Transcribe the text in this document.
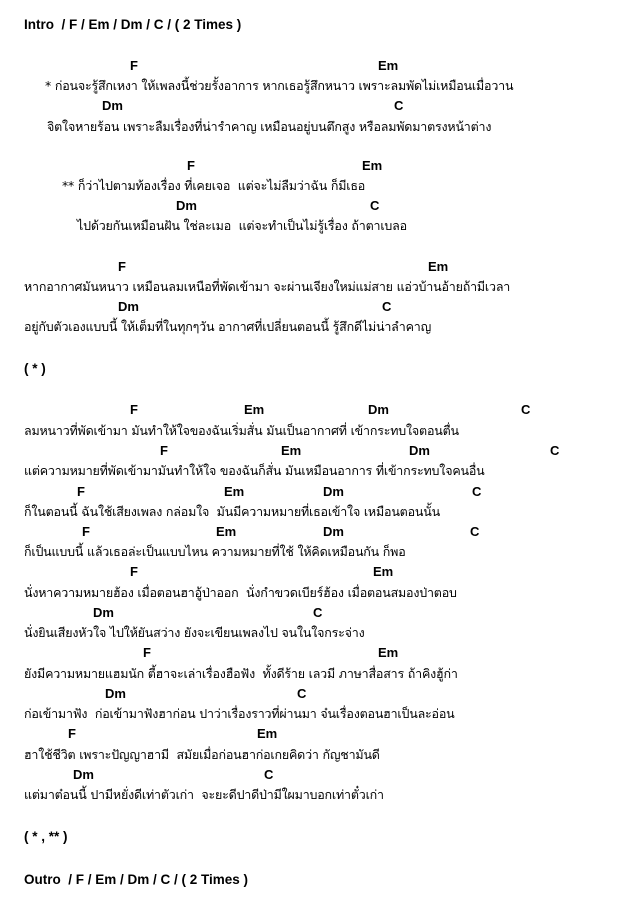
Intro  / F / Em / Dm / C / ( 2 Times )
F	Em
* ก่อนจะรู้สึกเหงา ให้เพลงนี้ช่วยรั้งอาการ หากเธอรู้สึกหนาว เพราะลมพัดไม่เหมือนเมื่อวาน
Dm	C
จิตใจหายร้อน เพราะลืมเรื่องที่น่ารำคาญ เหมือนอยู่บนตึกสูง หรือลมพัดมาตรงหน้าต่าง
F	Em
** ก็ว่าไปตามท้องเรื่อง ที่เคยเจอ  แต่จะไม่ลืมว่าฉัน ก็มีเธอ
Dm	C
ไปด้วยกันเหมือนฝัน ใช่ละเมอ  แต่จะทำเป็นไม่รู้เรื่อง ถ้าตาเบลอ
F	Em
หากอากาศมันหนาว เหมือนลมเหนือที่พัดเข้ามา จะผ่านเจียงใหม่แม่สาย แอ่วบ้านอ้ายถ้ามีเวลา
Dm	C
อยู่กับตัวเองแบบนี้ ให้เต็มที่ในทุกๆวัน อากาศที่เปลี่ยนตอนนี้ รู้สึกดีไม่น่าลำคาญ
( * )
F	Em	Dm	C
ลมหนาวที่พัดเข้ามา มันทำให้ใจของฉันเริ่มสั่น มันเป็นอากาศที่ เข้ากระทบใจตอนตื่น
F	Em	Dm	C
แต่ความหมายที่พัดเข้ามามันทำให้ใจ ของฉันก็สั่น มันเหมือนอาการ ที่เข้ากระทบใจคนอื่น
F	Em	Dm	C
ก็ในตอนนี้ ฉันใช้เสียงเพลง กล่อมใจ  มันมีความหมายที่เธอเข้าใจ เหมือนตอนนั้น
F	Em	Dm	C
ก็เป็นแบบนี้ แล้วเธอล่ะเป็นแบบไหน ความหมายที่ใช้ ให้คิดเหมือนกัน ก็พอ
F	Em
นั่งหาความหมายฮ้อง เมื่อตอนฮาอู้ป่าออก  นั่งกำขวดเบียร์ฮ้อง เมื่อตอนสมองป่าตอบ
Dm	C
นั่งยินเสียงหัวใจ ไปให้ยันสว่าง ยังจะเขียนเพลงไป จนในใจกระจ่าง
F	Em
ยังมีความหมายแฮมนัก ตี้ฮาจะเล่าเรื่องฮือฟัง  ทั้งดีร้าย เลวมี ภาษาสื่อสาร ถ้าคิงฮู้ก่า
Dm	C
ก่อเข้ามาฟัง  ก่อเข้ามาฟังฮาก่อน ปาว่าเรื่องราวที่ผ่านมา จ๋นเรื่องตอนฮาเป็นละอ่อน
F	Em
ฮาใช้ชีวิต เพราะปัญญาฮามี  สมัยเมื่อก่อนฮาก่อเกยคิดว่า กัญชามันดี
Dm	C
แต่มาต๋อนนี้ ปามีหยั่งดีเท่าตัวเก่า  จะยะดีปาดีป่ามีใผมาบอกเท่าตั๋วเก่า
( * , ** )
Outro  / F / Em / Dm / C / ( 2 Times )
